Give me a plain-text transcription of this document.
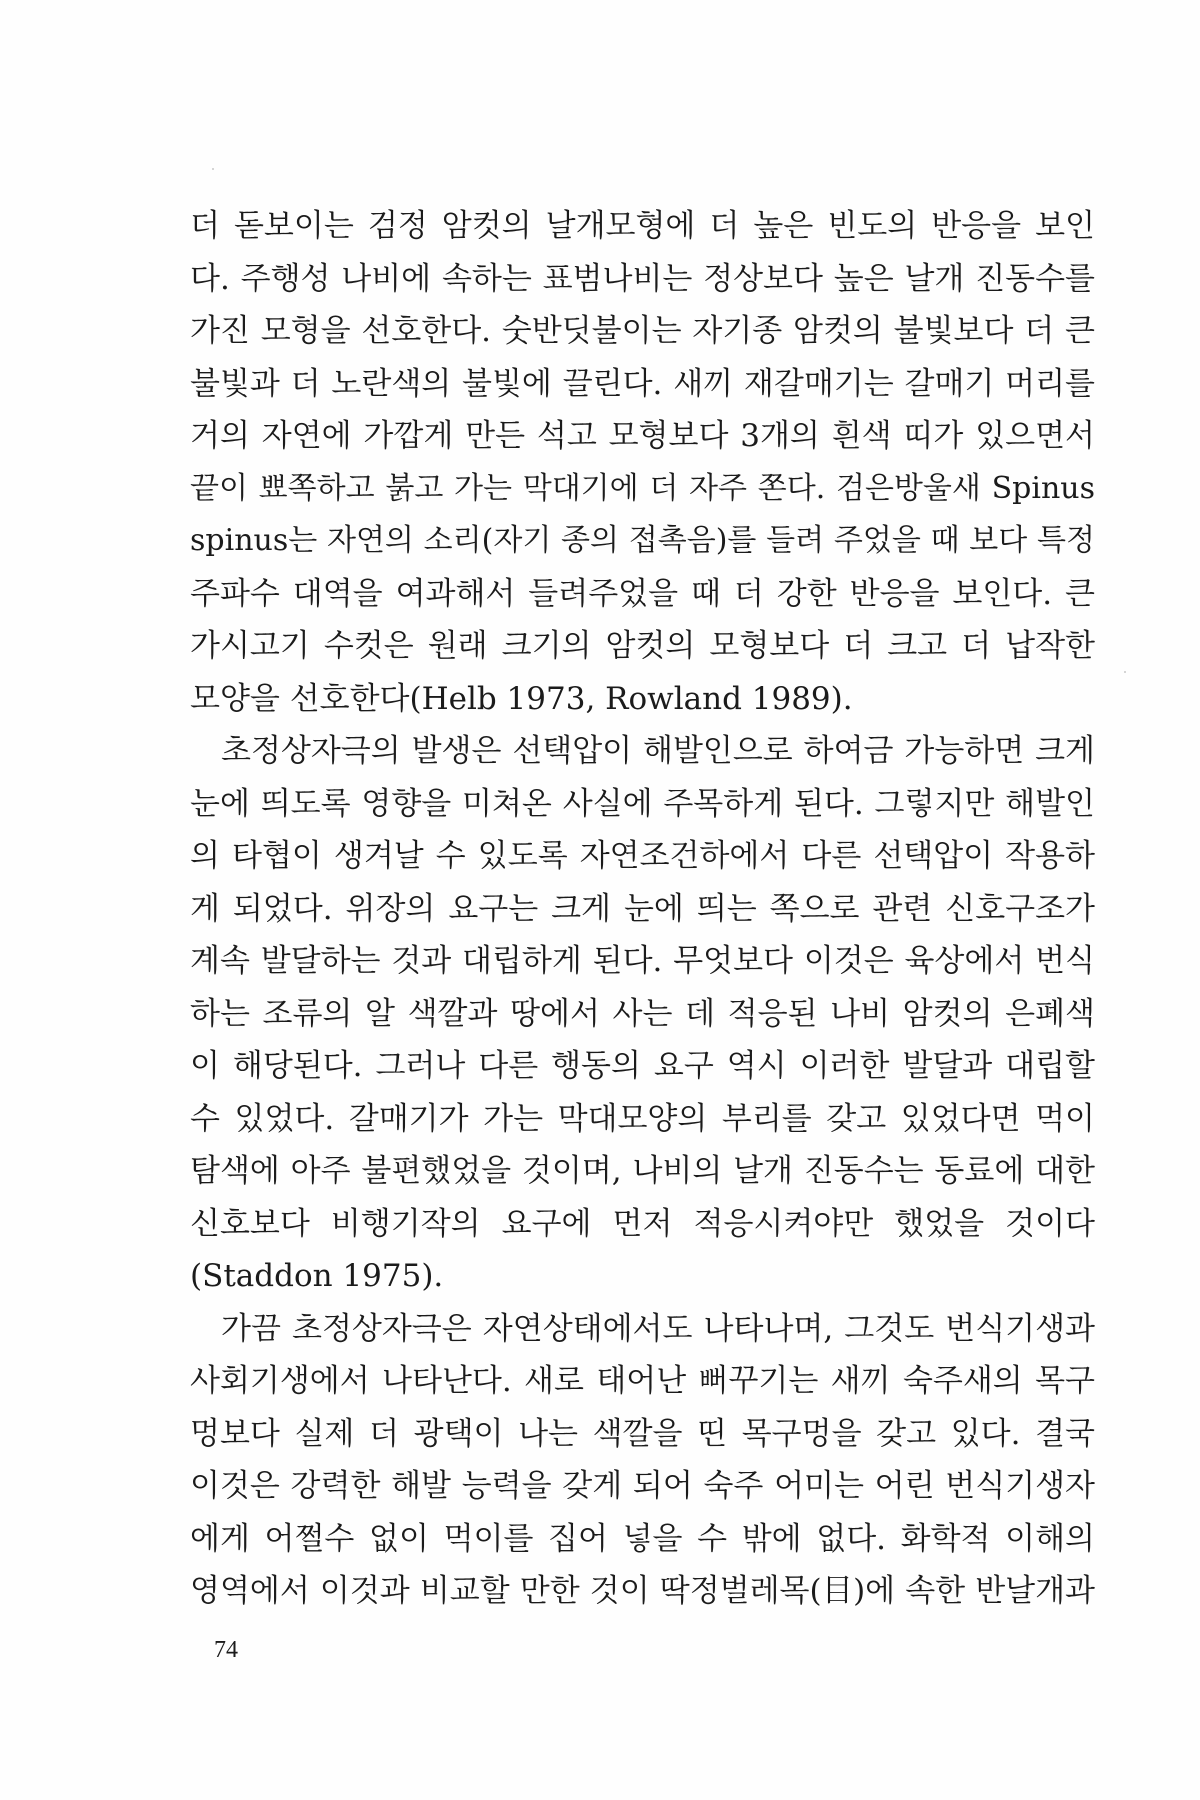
더 돋보이는 검정 암컷의 날개모형에 더 높은 빈도의 반응을 보인
다. 주행성 나비에 속하는 표범나비는 정상보다 높은 날개 진동수를
가진 모형을 선호한다. 숫반딧불이는 자기종 암컷의 불빛보다 더 큰
불빛과 더 노란색의 불빛에 끌린다. 새끼 재갈매기는 갈매기 머리를
거의 자연에 가깝게 만든 석고 모형보다 3개의 흰색 띠가 있으면서
끝이 뾰쪽하고 붉고 가는 막대기에 더 자주 쫀다. 검은방울새 Spinus
spinus는 자연의 소리(자기 종의 접촉음)를 들려 주었을 때 보다 특정
주파수 대역을 여과해서 들려주었을 때 더 강한 반응을 보인다. 큰
가시고기 수컷은 원래 크기의 암컷의 모형보다 더 크고 더 납작한
모양을 선호한다(Helb 1973, Rowland 1989).
초정상자극의 발생은 선택압이 해발인으로 하여금 가능하면 크게
눈에 띄도록 영향을 미쳐온 사실에 주목하게 된다. 그렇지만 해발인
의 타협이 생겨날 수 있도록 자연조건하에서 다른 선택압이 작용하
게 되었다. 위장의 요구는 크게 눈에 띄는 쪽으로 관련 신호구조가
계속 발달하는 것과 대립하게 된다. 무엇보다 이것은 육상에서 번식
하는 조류의 알 색깔과 땅에서 사는 데 적응된 나비 암컷의 은폐색
이 해당된다. 그러나 다른 행동의 요구 역시 이러한 발달과 대립할
수 있었다. 갈매기가 가는 막대모양의 부리를 갖고 있었다면 먹이
탐색에 아주 불편했었을 것이며, 나비의 날개 진동수는 동료에 대한
신호보다 비행기작의 요구에 먼저 적응시켜야만 했었을 것이다
(Staddon 1975).
가끔 초정상자극은 자연상태에서도 나타나며, 그것도 번식기생과
사회기생에서 나타난다. 새로 태어난 뻐꾸기는 새끼 숙주새의 목구
멍보다 실제 더 광택이 나는 색깔을 띤 목구멍을 갖고 있다. 결국
이것은 강력한 해발 능력을 갖게 되어 숙주 어미는 어린 번식기생자
에게 어쩔수 없이 먹이를 집어 넣을 수 밖에 없다. 화학적 이해의
영역에서 이것과 비교할 만한 것이 딱정벌레목(目)에 속한 반날개과
74
